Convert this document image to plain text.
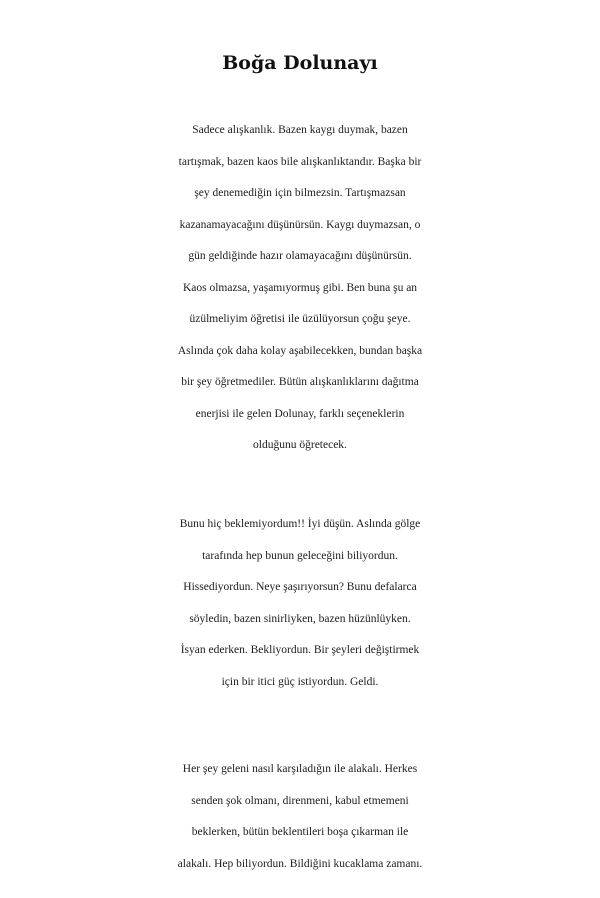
Boğa Dolunayı
Sadece alışkanlık. Bazen kaygı duymak, bazen
tartışmak, bazen kaos bile alışkanlıktandır. Başka bir
şey denemediğin için bilmezsin. Tartışmazsan
kazanamayacağını düşünürsün. Kaygı duymazsan, o
gün geldiğinde hazır olamayacağını düşünürsün.
Kaos olmazsa, yaşamıyormuş gibi. Ben buna şu an
üzülmeliyim öğretisi ile üzülüyorsun çoğu şeye.
Aslında çok daha kolay aşabilecekken, bundan başka
bir şey öğretmediler. Bütün alışkanlıklarını dağıtma
enerjisi ile gelen Dolunay, farklı seçeneklerin
olduğunu öğretecek.
Bunu hiç beklemiyordum!! İyi düşün. Aslında gölge
tarafında hep bunun geleceğini biliyordun.
Hissediyordun. Neye şaşırıyorsun? Bunu defalarca
söyledin, bazen sinirliyken, bazen hüzünlüyken.
İsyan ederken. Bekliyordun. Bir şeyleri değiştirmek
için bir itici güç istiyordun. Geldi.
Her şey geleni nasıl karşıladığın ile alakalı. Herkes
senden şok olmanı, direnmeni, kabul etmemeni
beklerken, bütün beklentileri boşa çıkarman ile
alakalı. Hep biliyordun. Bildiğini kucaklama zamanı.
